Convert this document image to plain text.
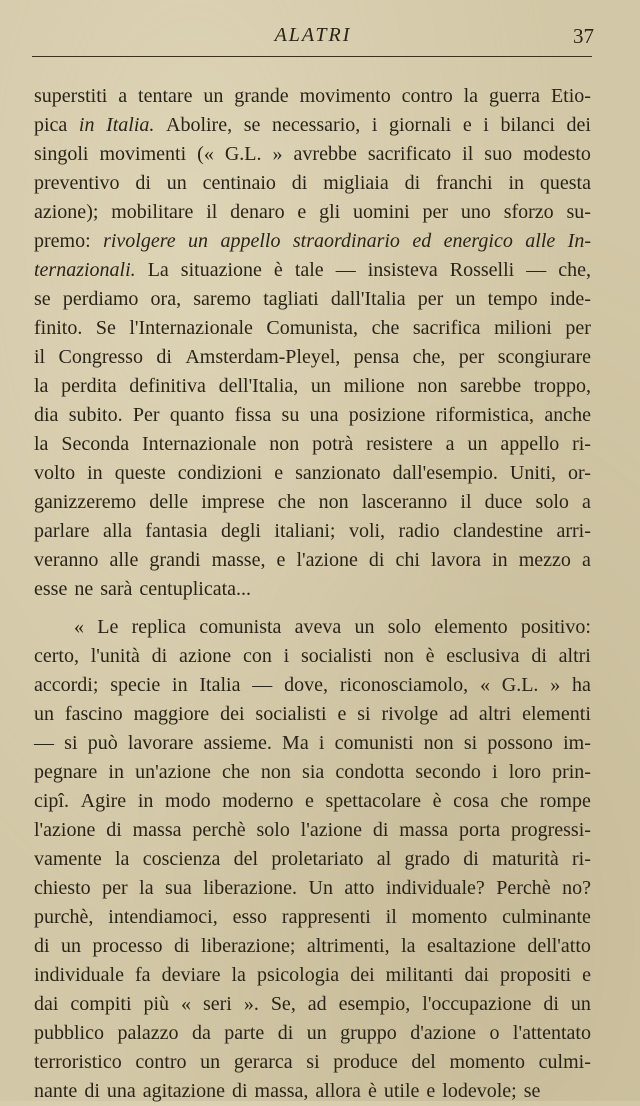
ALATRI	37
superstiti a tentare un grande movimento contro la guerra Etio-
pica in Italia. Abolire, se necessario, i giornali e i bilanci dei
singoli movimenti (« G.L. » avrebbe sacrificato il suo modesto
preventivo di un centinaio di migliaia di franchi in questa
azione); mobilitare il denaro e gli uomini per uno sforzo su-
premo: rivolgere un appello straordinario ed energico alle In-
ternazionali. La situazione è tale — insisteva Rosselli — che,
se perdiamo ora, saremo tagliati dall'Italia per un tempo inde-
finito. Se l'Internazionale Comunista, che sacrifica milioni per
il Congresso di Amsterdam-Pleyel, pensa che, per scongiurare
la perdita definitiva dell'Italia, un milione non sarebbe troppo,
dia subito. Per quanto fissa su una posizione riformistica, anche
la Seconda Internazionale non potrà resistere a un appello ri-
volto in queste condizioni e sanzionato dall'esempio. Uniti, or-
ganizzeremo delle imprese che non lasceranno il duce solo a
parlare alla fantasia degli italiani; voli, radio clandestine arri-
veranno alle grandi masse, e l'azione di chi lavora in mezzo a
esse ne sarà centuplicata...
« Le replica comunista aveva un solo elemento positivo:
certo, l'unità di azione con i socialisti non è esclusiva di altri
accordi; specie in Italia — dove, riconosciamolo, « G.L. » ha
un fascino maggiore dei socialisti e si rivolge ad altri elementi
— si può lavorare assieme. Ma i comunisti non si possono im-
pegnare in un'azione che non sia condotta secondo i loro prin-
cipî. Agire in modo moderno e spettacolare è cosa che rompe
l'azione di massa perchè solo l'azione di massa porta progressi-
vamente la coscienza del proletariato al grado di maturità ri-
chiesto per la sua liberazione. Un atto individuale? Perchè no?
purchè, intendiamoci, esso rappresenti il momento culminante
di un processo di liberazione; altrimenti, la esaltazione dell'atto
individuale fa deviare la psicologia dei militanti dai propositi e
dai compiti più « seri ». Se, ad esempio, l'occupazione di un
pubblico palazzo da parte di un gruppo d'azione o l'attentato
terroristico contro un gerarca si produce del momento culmi-
nante di una agitazione di massa, allora è utile e lodevole; se
